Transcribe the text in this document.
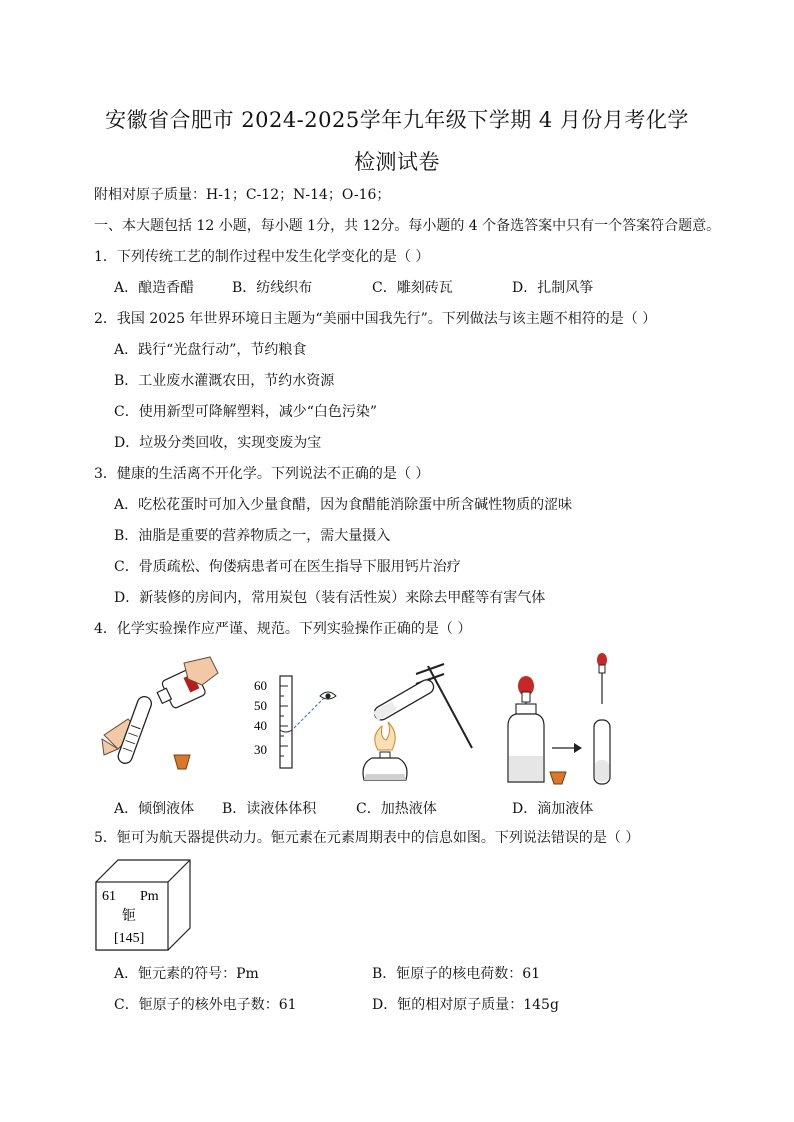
安徽省合肥市 2024-2025学年九年级下学期 4 月份月考化学
检测试卷
附相对原子质量：H-1；C-12；N-14；O-16；
一、本大题包括 12 小题，每小题 1分，共 12分。每小题的 4 个备选答案中只有一个答案符合题意。
1．下列传统工艺的制作过程中发生化学变化的是（ ）
A．酿造香醋	B．纺线织布	C．雕刻砖瓦	D．扎制风筝
2．我国 2025 年世界环境日主题为“美丽中国我先行”。下列做法与该主题不相符的是（ ）
A．践行“光盘行动”，节约粮食
B．工业废水灌溉农田，节约水资源
C．使用新型可降解塑料，减少“白色污染”
D．垃圾分类回收，实现变废为宝
3．健康的生活离不开化学。下列说法不正确的是（ ）
A．吃松花蛋时可加入少量食醋，因为食醋能消除蛋中所含碱性物质的涩味
B．油脂是重要的营养物质之一，需大量摄入
C．骨质疏松、佝偻病患者可在医生指导下服用钙片治疗
D．新装修的房间内，常用炭包（装有活性炭）来除去甲醛等有害气体
4．化学实验操作应严谨、规范。下列实验操作正确的是（ ）
60
50
40
30
A．倾倒液体 B．读液体体积	C．加热液体	D．滴加液体
5．钷可为航天器提供动力。钷元素在元素周期表中的信息如图。下列说法错误的是（ ）
61 Pm
钷
[145]
A．钷元素的符号：Pm	B．钷原子的核电荷数：61
C．钷原子的核外电子数：61	D．钷的相对原子质量：145g
